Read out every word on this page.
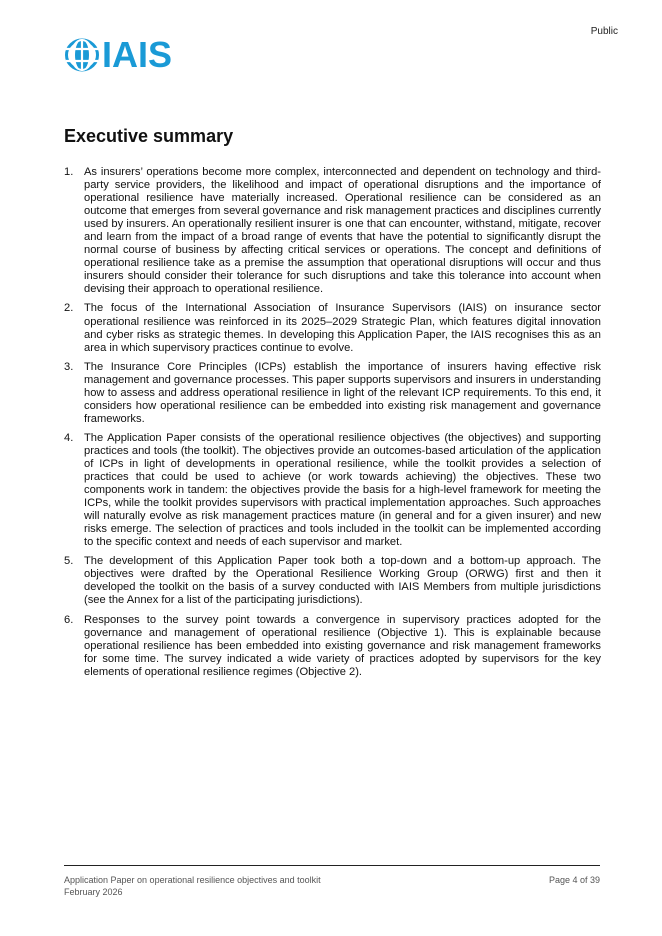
Public
IAIS
Executive summary
1. As insurers’ operations become more complex, interconnected and dependent on technology and third-party service providers, the likelihood and impact of operational disruptions and the importance of operational resilience have materially increased. Operational resilience can be considered as an outcome that emerges from several governance and risk management practices and disciplines currently used by insurers. An operationally resilient insurer is one that can encounter, withstand, mitigate, recover and learn from the impact of a broad range of events that have the potential to significantly disrupt the normal course of business by affecting critical services or operations. The concept and definitions of operational resilience take as a premise the assumption that operational disruptions will occur and thus insurers should consider their tolerance for such disruptions and take this tolerance into account when devising their approach to operational resilience.
2. The focus of the International Association of Insurance Supervisors (IAIS) on insurance sector operational resilience was reinforced in its 2025–2029 Strategic Plan, which features digital innovation and cyber risks as strategic themes. In developing this Application Paper, the IAIS recognises this as an area in which supervisory practices continue to evolve.
3. The Insurance Core Principles (ICPs) establish the importance of insurers having effective risk management and governance processes. This paper supports supervisors and insurers in understanding how to assess and address operational resilience in light of the relevant ICP requirements. To this end, it considers how operational resilience can be embedded into existing risk management and governance frameworks.
4. The Application Paper consists of the operational resilience objectives (the objectives) and supporting practices and tools (the toolkit). The objectives provide an outcomes-based articulation of the application of ICPs in light of developments in operational resilience, while the toolkit provides a selection of practices that could be used to achieve (or work towards achieving) the objectives. These two components work in tandem: the objectives provide the basis for a high-level framework for meeting the ICPs, while the toolkit provides supervisors with practical implementation approaches. Such approaches will naturally evolve as risk management practices mature (in general and for a given insurer) and new risks emerge. The selection of practices and tools included in the toolkit can be implemented according to the specific context and needs of each supervisor and market.
5. The development of this Application Paper took both a top-down and a bottom-up approach. The objectives were drafted by the Operational Resilience Working Group (ORWG) first and then it developed the toolkit on the basis of a survey conducted with IAIS Members from multiple jurisdictions (see the Annex for a list of the participating jurisdictions).
6. Responses to the survey point towards a convergence in supervisory practices adopted for the governance and management of operational resilience (Objective 1). This is explainable because operational resilience has been embedded into existing governance and risk management frameworks for some time. The survey indicated a wide variety of practices adopted by supervisors for the key elements of operational resilience regimes (Objective 2).
Application Paper on operational resilience objectives and toolkit
February 2026
Page 4 of 39
